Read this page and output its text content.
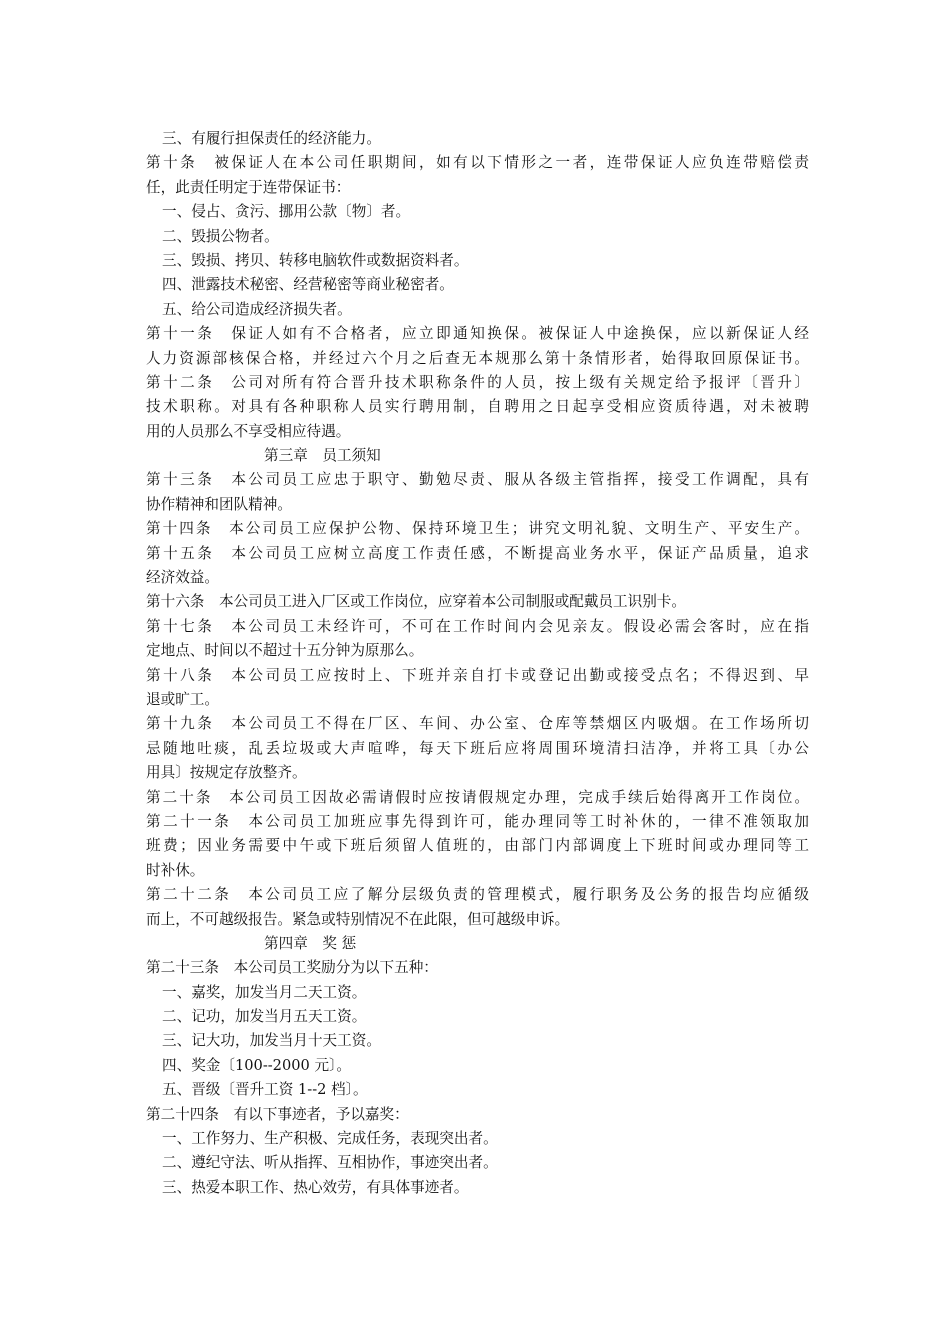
三、有履行担保责任的经济能力。
第十条　被保证人在本公司任职期间，如有以下情形之一者，连带保证人应负连带赔偿责
任，此责任明定于连带保证书：
一、侵占、贪污、挪用公款〔物〕者。
二、毁损公物者。
三、毁损、拷贝、转移电脑软件或数据资料者。
四、泄露技术秘密、经营秘密等商业秘密者。
五、给公司造成经济损失者。
第十一条　保证人如有不合格者，应立即通知换保。被保证人中途换保，应以新保证人经
人力资源部核保合格，并经过六个月之后查无本规那么第十条情形者，始得取回原保证书。
第十二条　公司对所有符合晋升技术职称条件的人员，按上级有关规定给予报评〔晋升〕
技术职称。对具有各种职称人员实行聘用制，自聘用之日起享受相应资质待遇，对未被聘
用的人员那么不享受相应待遇。
第三章　员工须知
第十三条　本公司员工应忠于职守、勤勉尽责、服从各级主管指挥，接受工作调配，具有
协作精神和团队精神。
第十四条　本公司员工应保护公物、保持环境卫生；讲究文明礼貌、文明生产、平安生产。
第十五条　本公司员工应树立高度工作责任感，不断提高业务水平，保证产品质量，追求
经济效益。
第十六条　本公司员工进入厂区或工作岗位，应穿着本公司制服或配戴员工识别卡。
第十七条　本公司员工未经许可，不可在工作时间内会见亲友。假设必需会客时，应在指
定地点、时间以不超过十五分钟为原那么。
第十八条　本公司员工应按时上、下班并亲自打卡或登记出勤或接受点名；不得迟到、早
退或旷工。
第十九条　本公司员工不得在厂区、车间、办公室、仓库等禁烟区内吸烟。在工作场所切
忌随地吐痰，乱丢垃圾或大声喧哗，每天下班后应将周围环境清扫洁净，并将工具〔办公
用具〕按规定存放整齐。
第二十条　本公司员工因故必需请假时应按请假规定办理，完成手续后始得离开工作岗位。
第二十一条　本公司员工加班应事先得到许可，能办理同等工时补休的，一律不准领取加
班费；因业务需要中午或下班后须留人值班的，由部门内部调度上下班时间或办理同等工
时补休。
第二十二条　本公司员工应了解分层级负责的管理模式，履行职务及公务的报告均应循级
而上，不可越级报告。紧急或特别情况不在此限，但可越级申诉。
第四章　奖 惩
第二十三条　本公司员工奖励分为以下五种：
一、嘉奖，加发当月二天工资。
二、记功，加发当月五天工资。
三、记大功，加发当月十天工资。
四、奖金〔100--2000 元〕。
五、晋级〔晋升工资 1--2 档〕。
第二十四条　有以下事迹者，予以嘉奖：
一、工作努力、生产积极、完成任务，表现突出者。
二、遵纪守法、听从指挥、互相协作，事迹突出者。
三、热爱本职工作、热心效劳，有具体事迹者。
